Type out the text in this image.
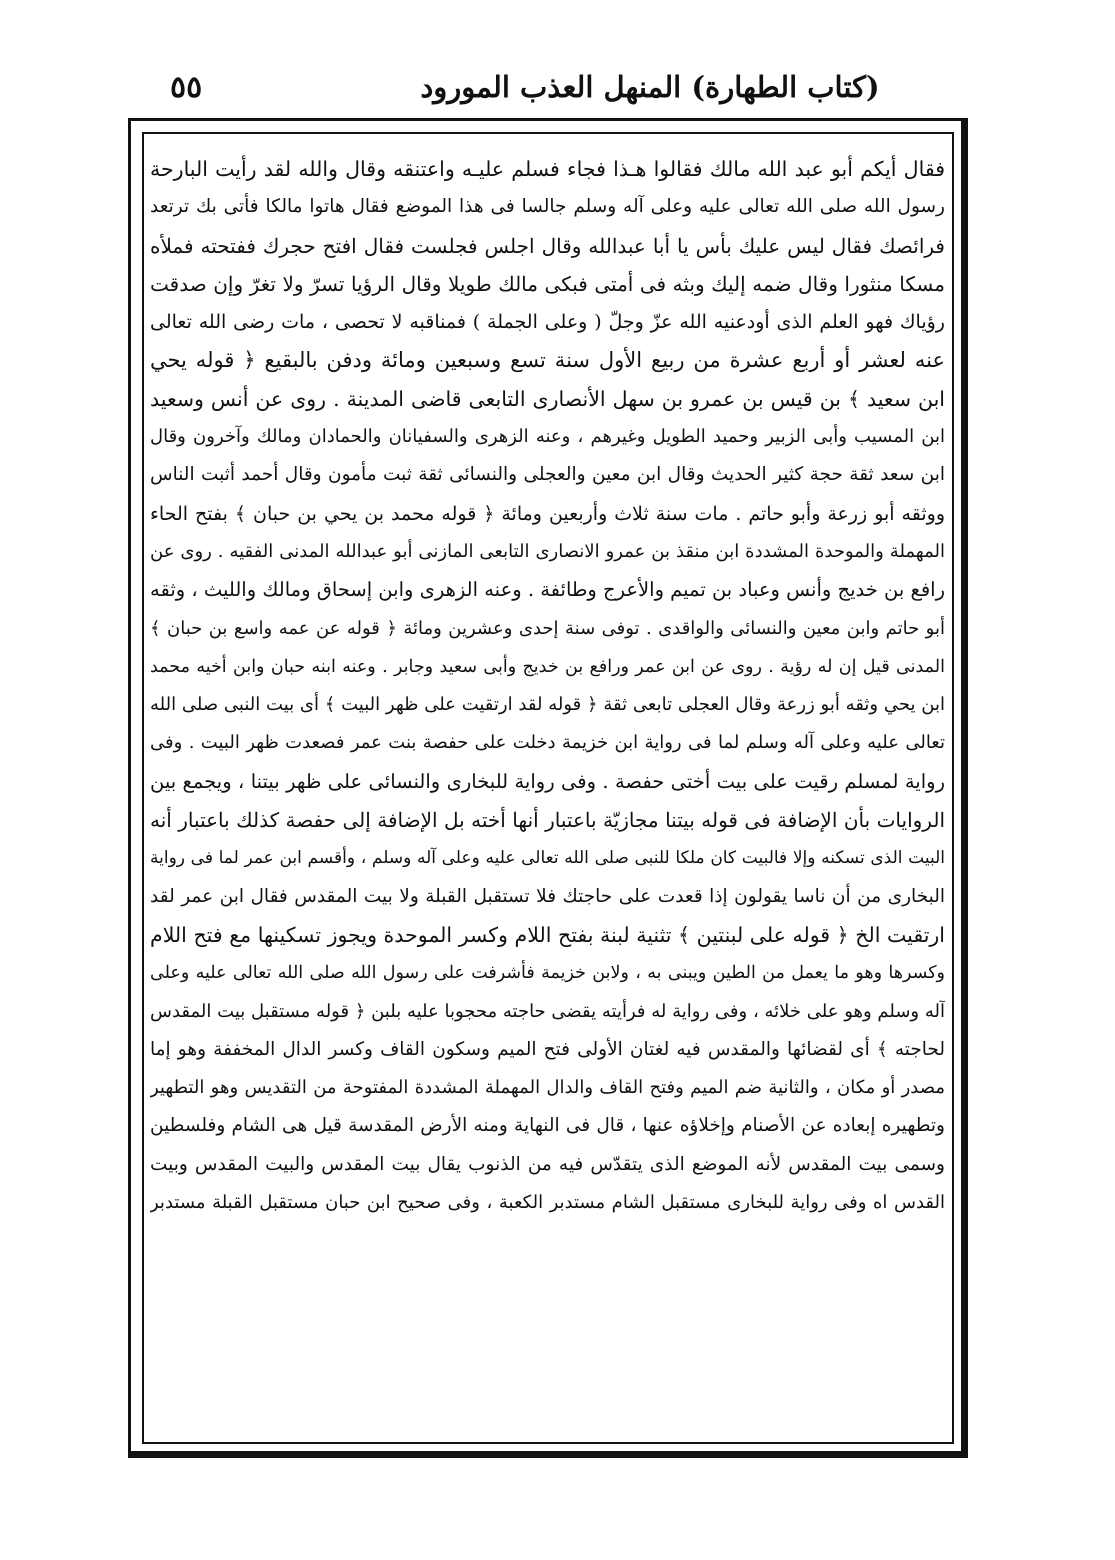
٥٥	(كتاب الطهارة) المنهل العذب المورود
فقال أيكم أبو عبد الله مالك فقالوا هـذا فجاء فسلم عليـه واعتنقه وقال والله لقد رأيت البارحة
رسول الله صلى الله تعالى عليه وعلى آله وسلم جالسا فى هذا الموضع فقال هاتوا مالكا فأتى بك ترتعد
فرائصك فقال ليس عليك بأس يا أبا عبدالله وقال اجلس فجلست فقال افتح حجرك ففتحته فملأه
مسكا منثورا وقال ضمه إليك وبثه فى أمتى فبكى مالك طويلا وقال الرؤيا تسرّ ولا تغرّ وإن صدقت
رؤياك فهو العلم الذى أودعنيه الله عزّ وجلّ ( وعلى الجملة ) فمناقبه لا تحصى ، مات رضى الله تعالى
عنه لعشر أو أربع عشرة من ربيع الأول سنة تسع وسبعين ومائة ودفن بالبقيع ﴿ قوله يحي
ابن سعيد ﴾ بن قيس بن عمرو بن سهل الأنصارى التابعى قاضى المدينة . روى عن أنس وسعيد
ابن المسيب وأبى الزبير وحميد الطويل وغيرهم ، وعنه الزهرى والسفيانان والحمادان ومالك وآخرون وقال
ابن سعد ثقة حجة كثير الحديث وقال ابن معين والعجلى والنسائى ثقة ثبت مأمون وقال أحمد أثبت الناس
ووثقه أبو زرعة وأبو حاتم . مات سنة ثلاث وأربعين ومائة ﴿ قوله محمد بن يحي بن حبان ﴾ بفتح الحاء
المهملة والموحدة المشددة ابن منقذ بن عمرو الانصارى التابعى المازنى أبو عبدالله المدنى الفقيه . روى عن
رافع بن خديج وأنس وعباد بن تميم والأعرج وطائفة . وعنه الزهرى وابن إسحاق ومالك والليث ، وثقه
أبو حاتم وابن معين والنسائى والواقدى . توفى سنة إحدى وعشرين ومائة ﴿ قوله عن عمه واسع بن حبان ﴾
المدنى قيل إن له رؤية . روى عن ابن عمر ورافع بن خديج وأبى سعيد وجابر . وعنه ابنه حبان وابن أخيه محمد
ابن يحي وثقه أبو زرعة وقال العجلى تابعى ثقة ﴿ قوله لقد ارتقيت على ظهر البيت ﴾ أى بيت النبى صلى الله
تعالى عليه وعلى آله وسلم لما فى رواية ابن خزيمة دخلت على حفصة بنت عمر فصعدت ظهر البيت . وفى
رواية لمسلم رقيت على بيت أختى حفصة . وفى رواية للبخارى والنسائى على ظهر بيتنا ، ويجمع بين
الروايات بأن الإضافة فى قوله بيتنا مجازيّة باعتبار أنها أخته بل الإضافة إلى حفصة كذلك باعتبار أنه
البيت الذى تسكنه وإلا فالبيت كان ملكا للنبى صلى الله تعالى عليه وعلى آله وسلم ، وأقسم ابن عمر لما فى رواية
البخارى من أن ناسا يقولون إذا قعدت على حاجتك فلا تستقبل القبلة ولا بيت المقدس فقال ابن عمر لقد
ارتقيت الخ ﴿ قوله على لبنتين ﴾ تثنية لبنة بفتح اللام وكسر الموحدة ويجوز تسكينها مع فتح اللام
وكسرها وهو ما يعمل من الطين ويبنى به ، ولابن خزيمة فأشرفت على رسول الله صلى الله تعالى عليه وعلى
آله وسلم وهو على خلائه ، وفى رواية له فرأيته يقضى حاجته محجوبا عليه بلبن ﴿ قوله مستقبل بيت المقدس
لحاجته ﴾ أى لقضائها والمقدس فيه لغتان الأولى فتح الميم وسكون القاف وكسر الدال المخففة وهو إما
مصدر أو مكان ، والثانية ضم الميم وفتح القاف والدال المهملة المشددة المفتوحة من التقديس وهو التطهير
وتطهيره إبعاده عن الأصنام وإخلاؤه عنها ، قال فى النهاية ومنه الأرض المقدسة قيل هى الشام وفلسطين
وسمى بيت المقدس لأنه الموضع الذى يتقدّس فيه من الذنوب يقال بيت المقدس والبيت المقدس وبيت
القدس اه وفى رواية للبخارى مستقبل الشام مستدبر الكعبة ، وفى صحيح ابن حبان مستقبل القبلة مستدبر
